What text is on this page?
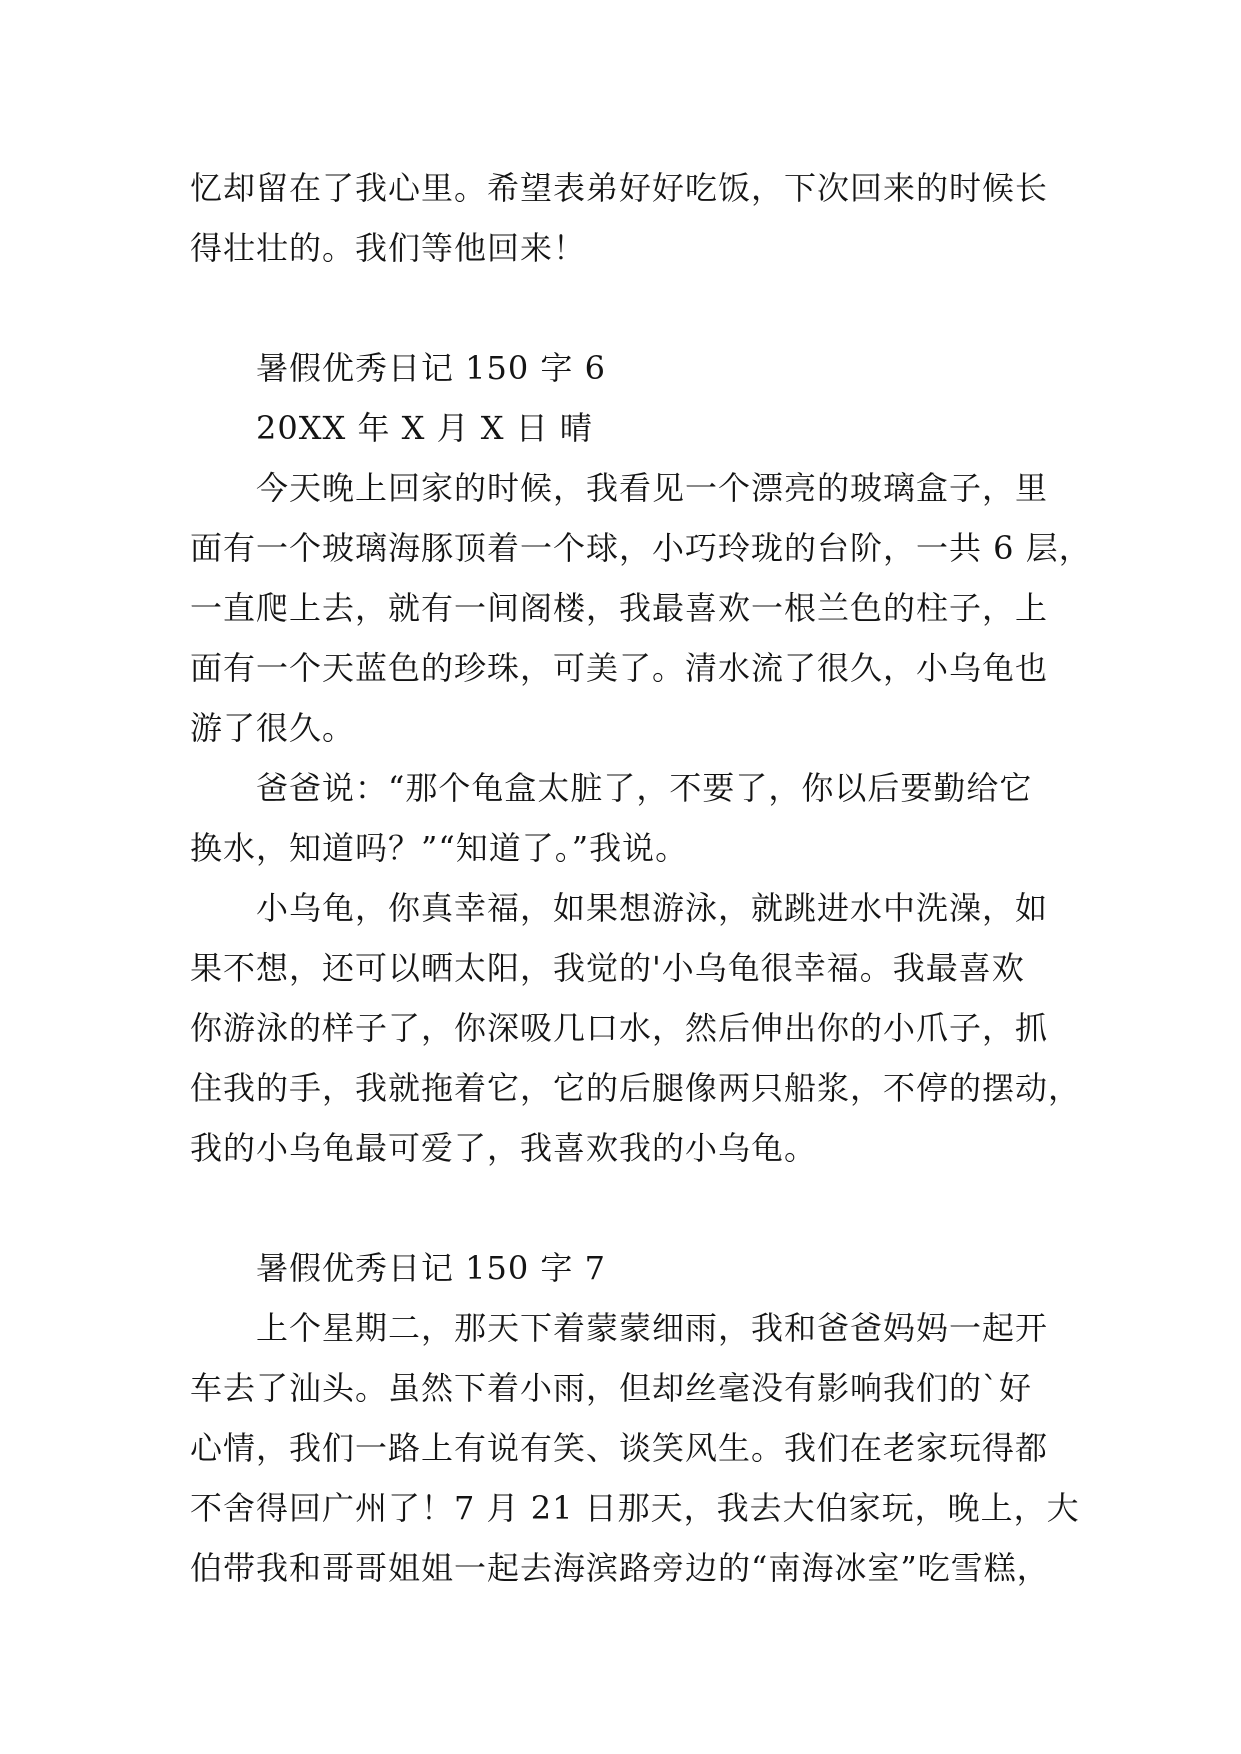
忆却留在了我心里。希望表弟好好吃饭，下次回来的时候长
得壮壮的。我们等他回来！
暑假优秀日记 150 字 6
20XX 年 X 月 X 日 晴
今天晚上回家的时候，我看见一个漂亮的玻璃盒子，里
面有一个玻璃海豚顶着一个球，小巧玲珑的台阶，一共 6 层，
一直爬上去，就有一间阁楼，我最喜欢一根兰色的柱子，上
面有一个天蓝色的珍珠，可美了。清水流了很久，小乌龟也
游了很久。
爸爸说：“那个龟盒太脏了，不要了，你以后要勤给它
换水，知道吗？”“知道了。”我说。
小乌龟，你真幸福，如果想游泳，就跳进水中洗澡，如
果不想，还可以晒太阳，我觉的'小乌龟很幸福。我最喜欢
你游泳的样子了，你深吸几口水，然后伸出你的小爪子，抓
住我的手，我就拖着它，它的后腿像两只船浆，不停的摆动，
我的小乌龟最可爱了，我喜欢我的小乌龟。
暑假优秀日记 150 字 7
上个星期二，那天下着蒙蒙细雨，我和爸爸妈妈一起开
车去了汕头。虽然下着小雨，但却丝毫没有影响我们的`好
心情，我们一路上有说有笑、谈笑风生。我们在老家玩得都
不舍得回广州了！7 月 21 日那天，我去大伯家玩，晚上，大
伯带我和哥哥姐姐一起去海滨路旁边的“南海冰室”吃雪糕，
